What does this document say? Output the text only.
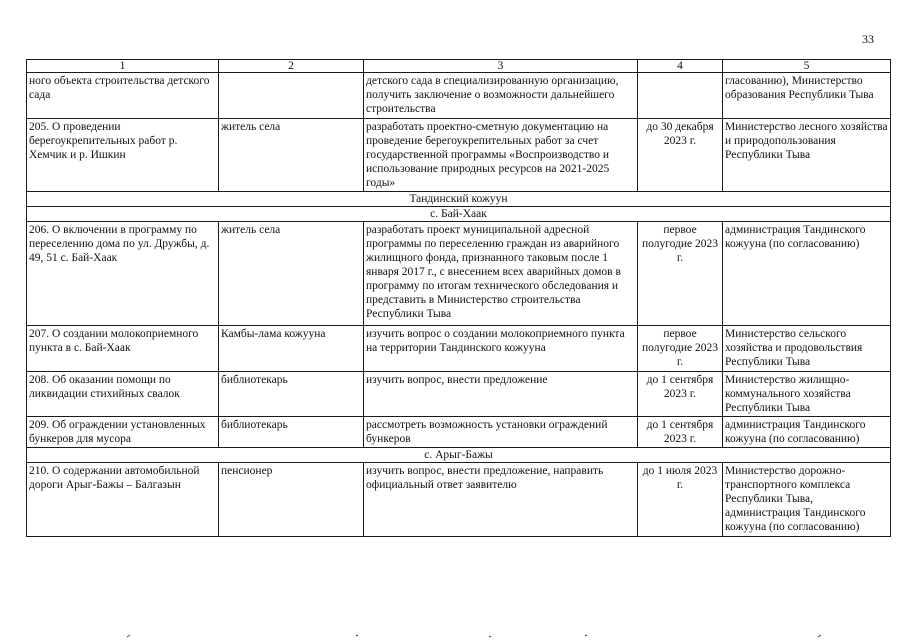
33
1	2	3	4	5
ного объекта строительства детского сада		детского сада в специализированную организацию, получить заключение о возможности дальнейшего строительства		гласованию), Министерство образования Республики Тыва
205. О проведении берегоукрепительных работ р. Хемчик и р. Ишкин	житель села	разработать проектно-сметную документацию на проведение берегоукрепительных работ за счет государственной программы «Воспроизводство и использование природных ресурсов на 2021-2025 годы»	до 30 декабря 2023 г.	Министерство лесного хозяйства и природопользования Республики Тыва
Тандинский кожуун				
с. Бай-Хаак				
206. О включении в программу по переселению дома по ул. Дружбы, д. 49, 51 с. Бай-Хаак	житель села	разработать проект муниципальной адресной программы по переселению граждан из аварийного жилищного фонда, признанного таковым после 1 января 2017 г., с внесением всех аварийных домов в программу по итогам технического обследования и представить в Министерство строительства Республики Тыва	первое полугодие 2023 г.	администрация Тандинского кожууна (по согласованию)
207. О создании молокоприемного пункта в с. Бай-Хаак	Камбы-лама кожууна	изучить вопрос о создании молокоприемного пункта на территории Тандинского кожууна	первое полугодие 2023 г.	Министерство сельского хозяйства и продовольствия Республики Тыва
208. Об оказании помощи по ликвидации стихийных свалок	библиотекарь	изучить вопрос, внести предложение	до 1 сентября 2023 г.	Министерство жилищно-коммунального хозяйства Республики Тыва
209. Об ограждении установленных бункеров для мусора	библиотекарь	рассмотреть возможность установки ограждений бункеров	до 1 сентября 2023 г.	администрация Тандинского кожууна (по согласованию)
с. Арыг-Бажы				
210. О содержании автомобильной дороги Арыг-Бажы – Балгазын	пенсионер	изучить вопрос, внести предложение, направить официальный ответ заявителю	до 1 июля 2023 г.	Министерство дорожно-транспортного комплекса Республики Тыва, администрация Тандинского кожууна (по согласованию)
